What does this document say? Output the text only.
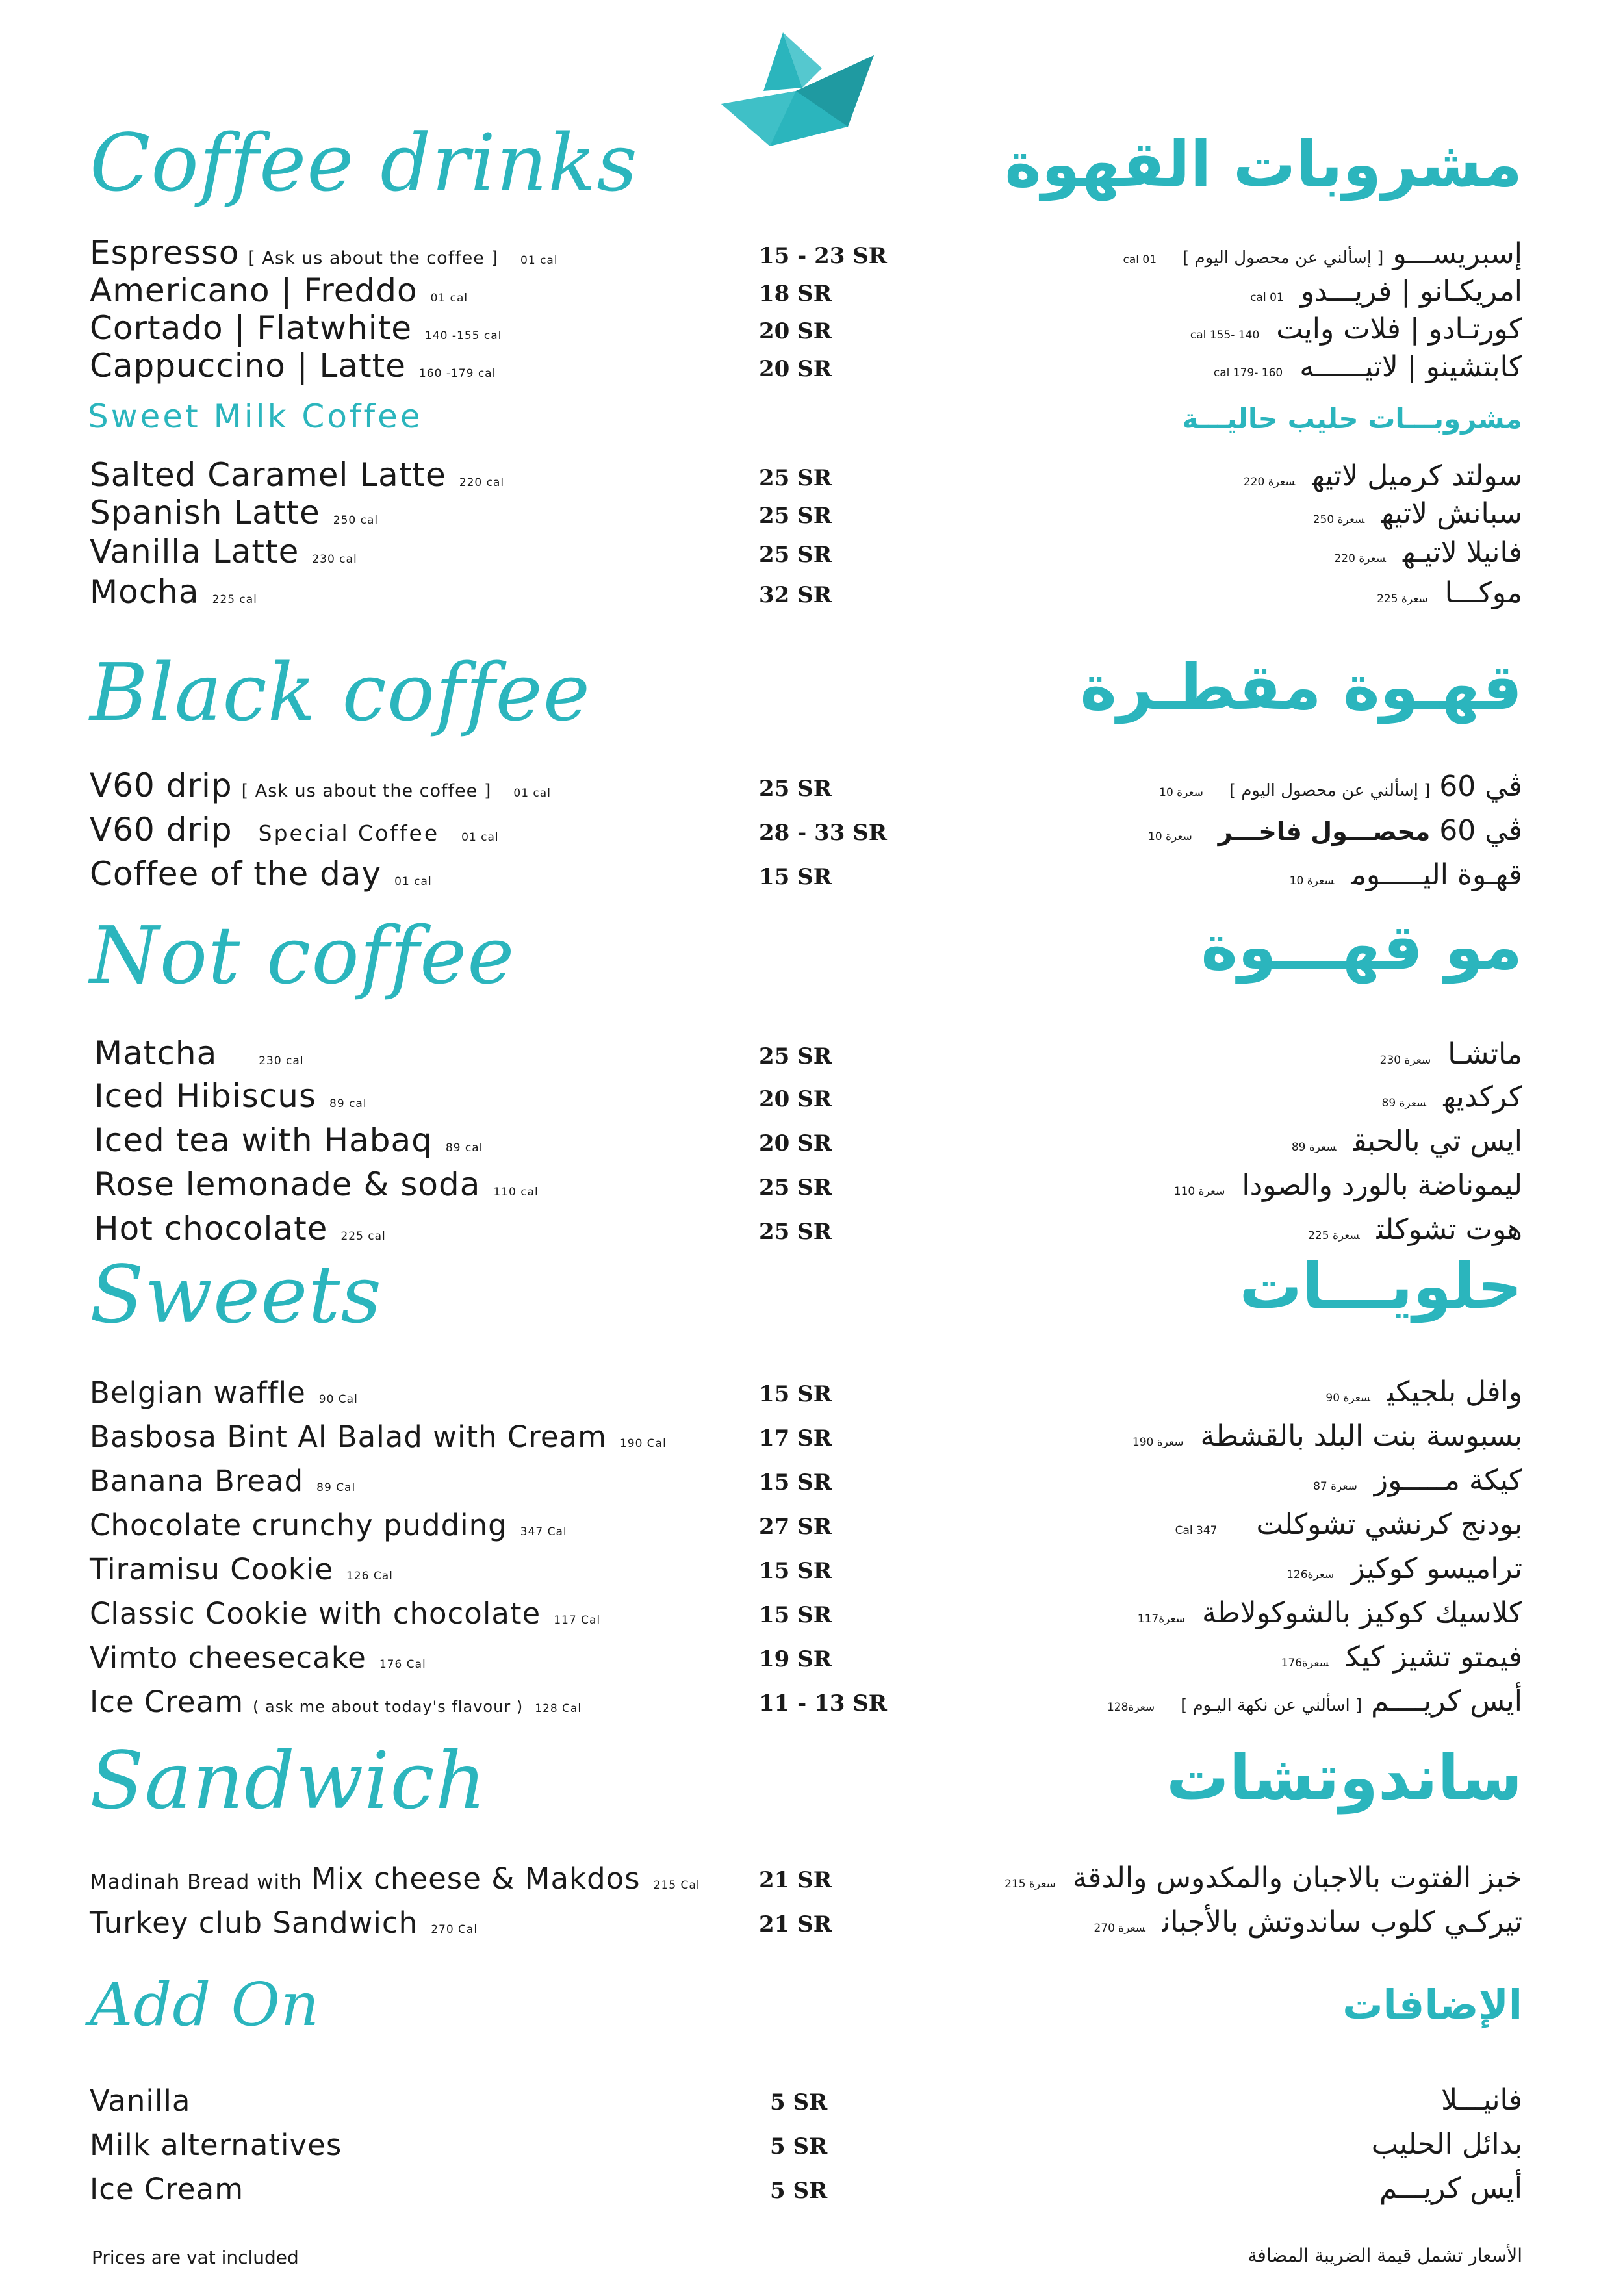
Coffee drinks	مشروبات القهوة
Espresso [ Ask us about the coffee ] 01 cal	15 - 23 SR	إسبريســـو[ إسألني عن محصول اليوم ]01 cal
Americano | Freddo 01 cal	18 SR	امريكـانو | فريـــدو01 cal
Cortado | Flatwhite 140 -155 cal	20 SR	كورتـادو | فلات وايت140 -155 cal
Cappuccino | Latte 160 -179 cal	20 SR	كابتشينو | لاتيــــــه160 -179 cal
Sweet Milk Coffee	مشروبـــات حليب حاليـــة
Salted Caramel Latte 220 cal	25 SR	سولتد كرميل لاتيهسعرة 220
Spanish Latte 250 cal	25 SR	سبانش لاتيهسعرة 250
Vanilla Latte 230 cal	25 SR	فانيلا لاتيـهسعرة 220
Mocha 225 cal	32 SR	موكـــاسعرة 225
Black coffee	قهـوة مقطـرة
V60 drip [ Ask us about the coffee ] 01 cal	25 SR	ڤي 60[ إسألني عن محصول اليوم ]سعرة 10
V60 drip Special Coffee 01 cal	28 - 33 SR	ڤي 60محصـــول فاخـــرسعرة 10
Coffee of the day 01 cal	15 SR	قهـوة اليـــــومسعرة 10
Not coffee	مو قهـــوة
Matcha	230 cal	25 SR	ماتشـاسعرة 230
Iced Hibiscus 89 cal	20 SR	كركديهسعرة 89
Iced tea with Habaq 89 cal	20 SR	ايس تي بالحبقسعرة 89
Rose lemonade & soda 110 cal	25 SR	ليموناضة بالورد والصوداسعرة 110
Hot chocolate 225 cal	25 SR	هوت تشوكلتسعرة 225
Sweets	حلويـــات
Belgian waffle 90 Cal	15 SR	وافل بلجيكيسعرة 90
Basbosa Bint Al Balad with Cream 190 Cal	17 SR	بسبوسة بنت البلد بالقشطةسعرة 190
Banana Bread 89 Cal	15 SR	كيكة مـــــوزسعرة 87
Chocolate crunchy pudding 347 Cal	27 SR	بودنج كرنشي تشوكلت347 Cal
Tiramisu Cookie 126 Cal	15 SR	تراميسو كوكيزسعرة126
Classic Cookie with chocolate 117 Cal	15 SR	كلاسيك كوكيز بالشوكولاطةسعرة117
Vimto cheesecake 176 Cal	19 SR	فيمتو تشيز كيكسعرة176
Ice Cream ( ask me about today's flavour ) 128 Cal	11 - 13 SR	أيس كريــــم[ اسألني عن نكهة اليـوم ]سعرة128
Sandwich	ساندوتشات
Madinah Bread with Mix cheese & Makdos 215 Cal	21 SR	خبز الفتوت بالاجبان والمكدوس والدقةسعرة 215
Turkey club Sandwich 270 Cal	21 SR	تيركـي كلوب ساندوتش بالأجبانسعرة 270
Add On	الإضافات
Vanilla	5 SR	فانيـــلا
Milk alternatives	5 SR	بدائل الحليب
Ice Cream	5 SR	أيس كريـــم
Prices are vat included	الأسعار تشمل قيمة الضريبة المضافة
